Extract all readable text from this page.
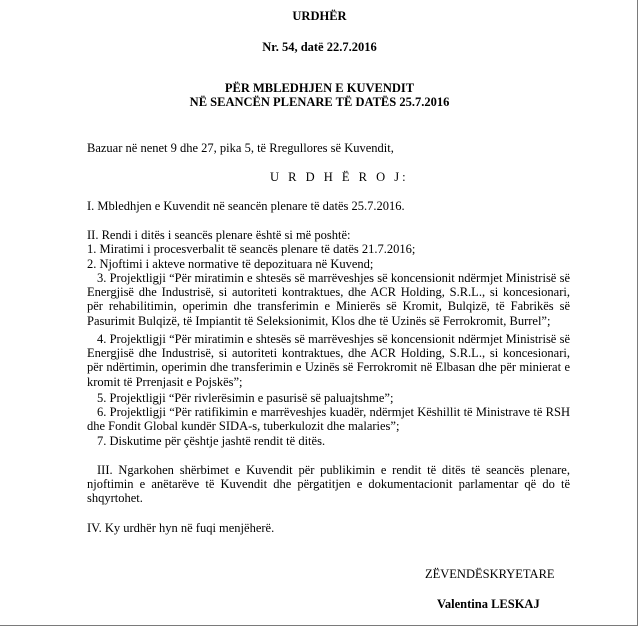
URDHËR
Nr. 54, datë 22.7.2016
PËR MBLEDHJEN E KUVENDIT
NË SEANCËN PLENARE TË DATËS 25.7.2016
Bazuar në nenet 9 dhe 27, pika 5, të Rregullores së Kuvendit,
U R D H Ë R O J:
I. Mbledhjen e Kuvendit në seancën plenare të datës 25.7.2016.
II. Rendi i ditës i seancës plenare është si më poshtë:
1. Miratimi i procesverbalit të seancës plenare të datës 21.7.2016;
2. Njoftimi i akteve normative të depozituara në Kuvend;
3. Projektligji “Për miratimin e shtesës së marrëveshjes së koncensionit ndërmjet Ministrisë së Energjisë dhe Industrisë, si autoriteti kontraktues, dhe ACR Holding, S.R.L., si koncesionari, për rehabilitimin, operimin dhe transferimin e Minierës së Kromit, Bulqizë, të Fabrikës së Pasurimit Bulqizë, të Impiantit të Seleksionimit, Klos dhe të Uzinës së Ferrokromit, Burrel”;
4. Projektligji “Për miratimin e shtesës së marrëveshjes së koncensionit ndërmjet Ministrisë së Energjisë dhe Industrisë, si autoriteti kontraktues, dhe ACR Holding, S.R.L., si koncesionari, për ndërtimin, operimin dhe transferimin e Uzinës së Ferrokromit në Elbasan dhe për minierat e kromit të Prrenjasit e Pojskës”;
5. Projektligji “Për rivlerësimin e pasurisë së paluajtshme”;
6. Projektligji “Për ratifikimin e marrëveshjes kuadër, ndërmjet Këshillit të Ministrave të RSH dhe Fondit Global kundër SIDA-s, tuberkulozit dhe malaries”;
7. Diskutime për çështje jashtë rendit të ditës.
III. Ngarkohen shërbimet e Kuvendit për publikimin e rendit të ditës të seancës plenare, njoftimin e anëtarëve të Kuvendit dhe përgatitjen e dokumentacionit parlamentar që do të shqyrtohet.
IV. Ky urdhër hyn në fuqi menjëherë.
ZËVENDËSKRYETARE
Valentina LESKAJ
